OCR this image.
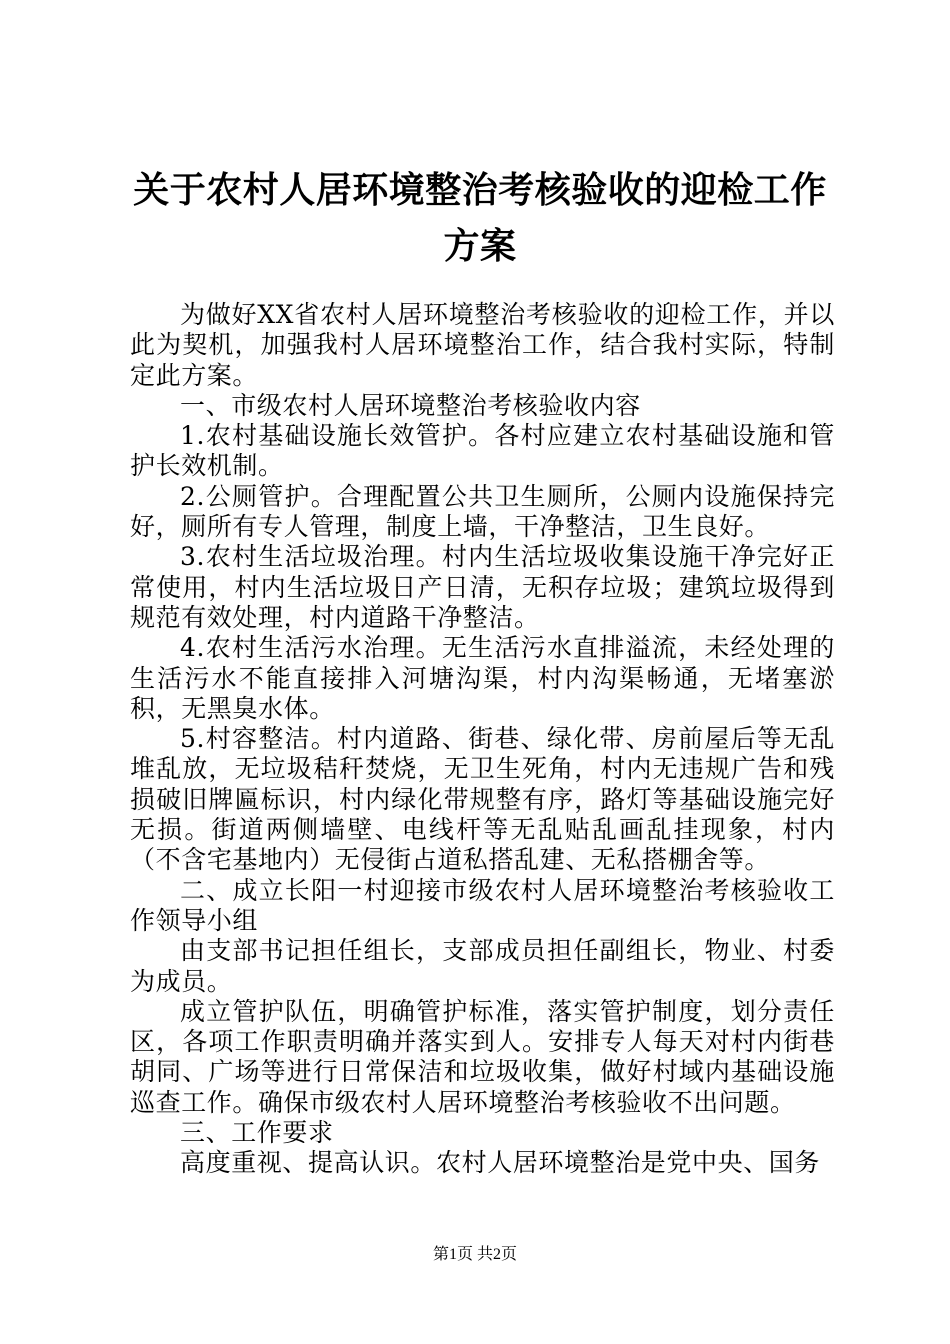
关于农村人居环境整治考核验收的迎检工作方案

为做好XX省农村人居环境整治考核验收的迎检工作，并以此为契机，加强我村人居环境整治工作，结合我村实际，特制定此方案。

一、市级农村人居环境整治考核验收内容

1.农村基础设施长效管护。各村应建立农村基础设施和管护长效机制。

2.公厕管护。合理配置公共卫生厕所，公厕内设施保持完好，厕所有专人管理，制度上墙，干净整洁，卫生良好。

3.农村生活垃圾治理。村内生活垃圾收集设施干净完好正常使用，村内生活垃圾日产日清，无积存垃圾；建筑垃圾得到规范有效处理，村内道路干净整洁。

4.农村生活污水治理。无生活污水直排溢流，未经处理的生活污水不能直接排入河塘沟渠，村内沟渠畅通，无堵塞淤积，无黑臭水体。

5.村容整洁。村内道路、街巷、绿化带、房前屋后等无乱堆乱放，无垃圾秸秆焚烧，无卫生死角，村内无违规广告和残损破旧牌匾标识，村内绿化带规整有序，路灯等基础设施完好无损。街道两侧墙壁、电线杆等无乱贴乱画乱挂现象，村内（不含宅基地内）无侵街占道私搭乱建、无私搭棚舍等。

二、成立长阳一村迎接市级农村人居环境整治考核验收工作领导小组

由支部书记担任组长，支部成员担任副组长，物业、村委为成员。

成立管护队伍，明确管护标准，落实管护制度，划分责任区，各项工作职责明确并落实到人。安排专人每天对村内街巷胡同、广场等进行日常保洁和垃圾收集，做好村域内基础设施巡查工作。确保市级农村人居环境整治考核验收不出问题。

三、工作要求

高度重视、提高认识。农村人居环境整治是党中央、国务

第1页 共2页
